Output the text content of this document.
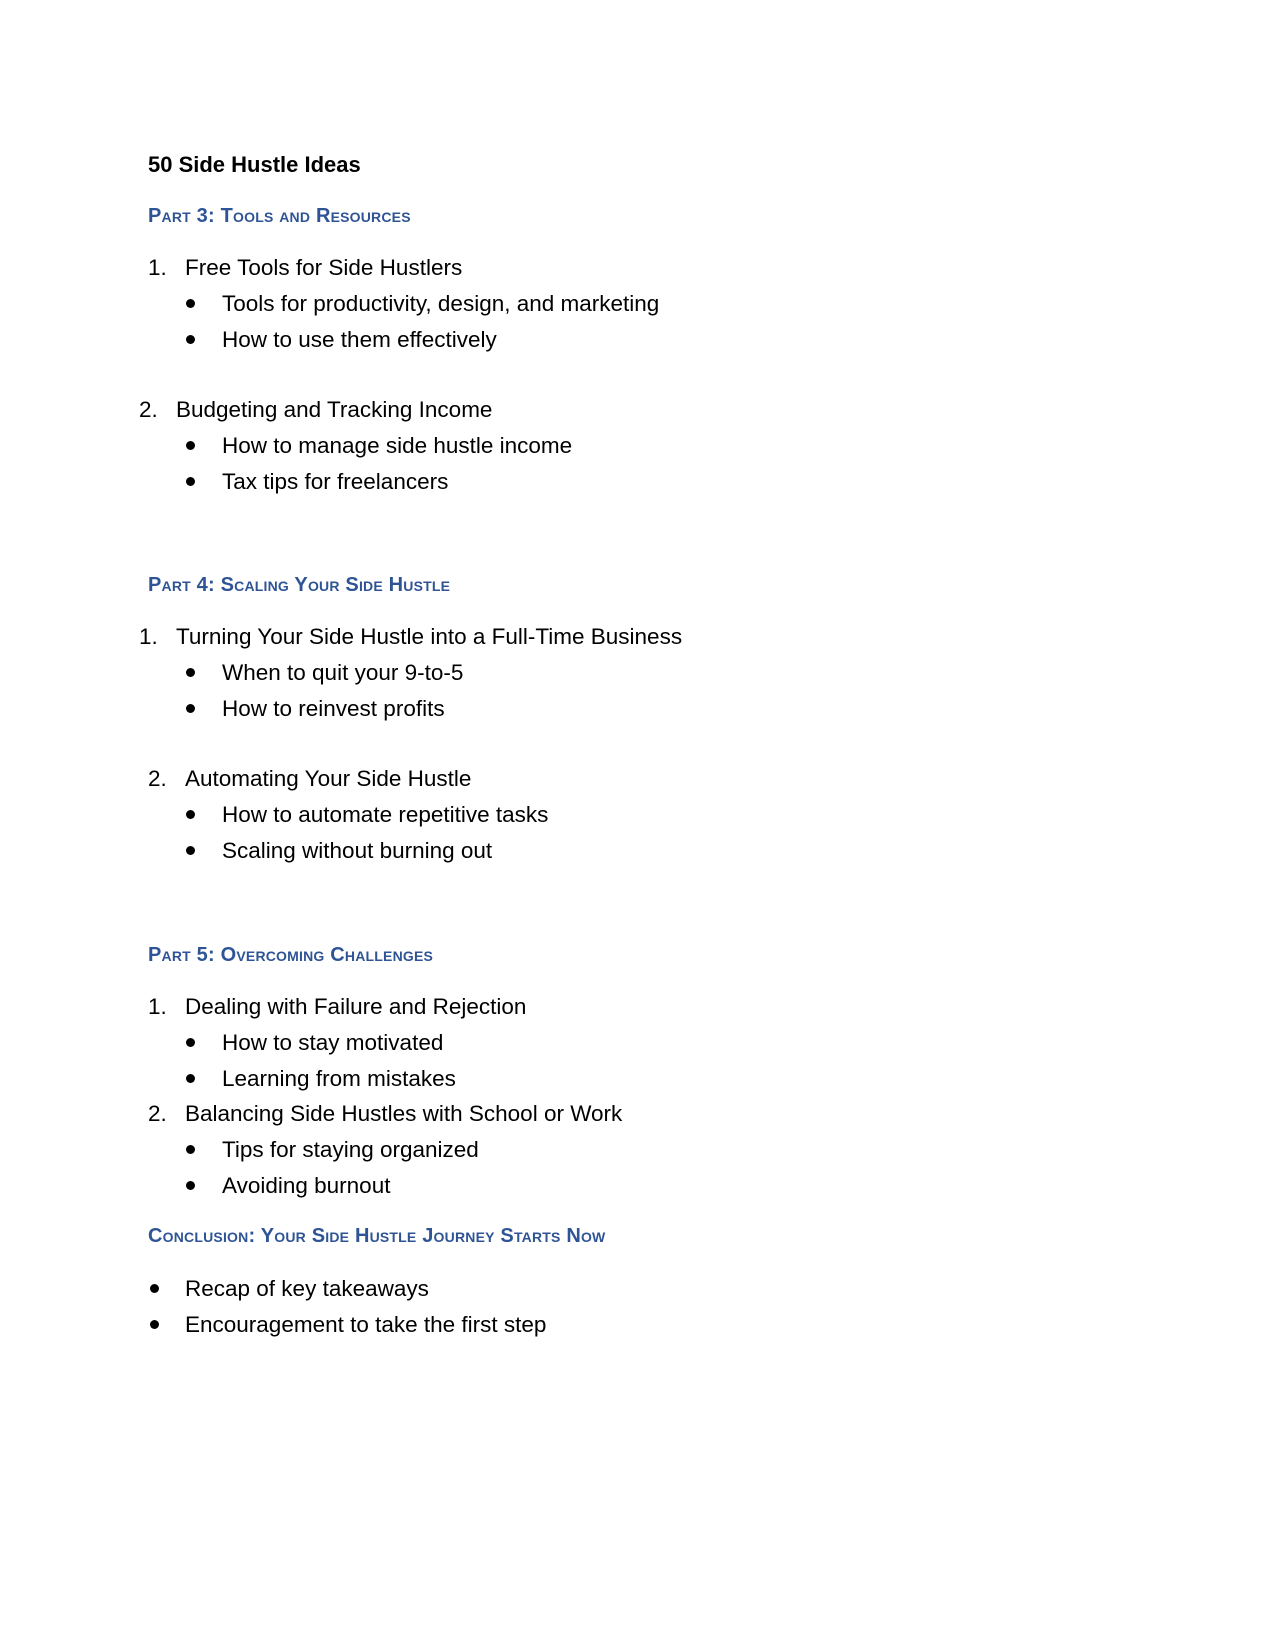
50 Side Hustle Ideas
Part 3: Tools and Resources
1. Free Tools for Side Hustlers
Tools for productivity, design, and marketing
How to use them effectively
2. Budgeting and Tracking Income
How to manage side hustle income
Tax tips for freelancers
Part 4: Scaling Your Side Hustle
1. Turning Your Side Hustle into a Full-Time Business
When to quit your 9-to-5
How to reinvest profits
2. Automating Your Side Hustle
How to automate repetitive tasks
Scaling without burning out
Part 5: Overcoming Challenges
1. Dealing with Failure and Rejection
How to stay motivated
Learning from mistakes
2. Balancing Side Hustles with School or Work
Tips for staying organized
Avoiding burnout
Conclusion: Your Side Hustle Journey Starts Now
Recap of key takeaways
Encouragement to take the first step
